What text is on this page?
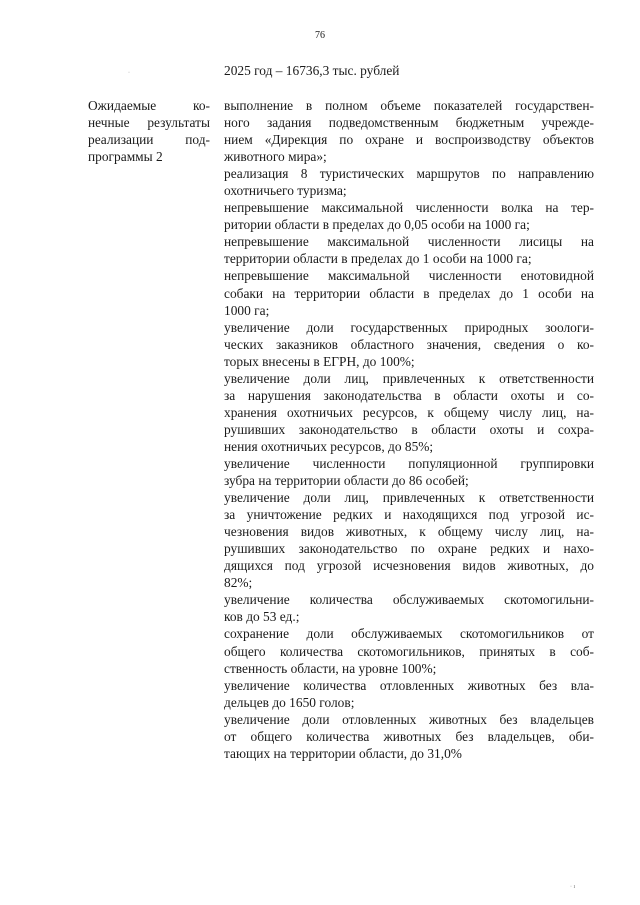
76
·	2025 год – 16736,3 тыс. рублей
Ожидаемые ко-
нечные результаты
реализации под-
программы 2
выполнение в полном объеме показателей государствен-
ного задания подведомственным бюджетным учрежде-
нием «Дирекция по охране и воспроизводству объектов
животного мира»;
реализация 8 туристических маршрутов по направлению
охотничьего туризма;
непревышение максимальной численности волка на тер-
ритории области в пределах до 0,05 особи на 1000 га;
непревышение максимальной численности лисицы на
территории области в пределах до 1 особи на 1000 га;
непревышение максимальной численности енотовидной
собаки на территории области в пределах до 1 особи на
1000 га;
увеличение доли государственных природных зоологи-
ческих заказников областного значения, сведения о ко-
торых внесены в ЕГРН, до 100%;
увеличение доли лиц, привлеченных к ответственности
за нарушения законодательства в области охоты и со-
хранения охотничьих ресурсов, к общему числу лиц, на-
рушивших законодательство в области охоты и сохра-
нения охотничьих ресурсов, до 85%;
увеличение численности популяционной группировки
зубра на территории области до 86 особей;
увеличение доли лиц, привлеченных к ответственности
за уничтожение редких и находящихся под угрозой ис-
чезновения видов животных, к общему числу лиц, на-
рушивших законодательство по охране редких и нахо-
дящихся под угрозой исчезновения видов животных, до
82%;
увеличение количества обслуживаемых скотомогильни-
ков до 53 ед.;
сохранение доли обслуживаемых скотомогильников от
общего количества скотомогильников, принятых в соб-
ственность области, на уровне 100%;
увеличение количества отловленных животных без вла-
дельцев до 1650 голов;
увеличение доли отловленных животных без владельцев
от общего количества животных без владельцев, оби-
тающих на территории области, до 31,0%
· ı
